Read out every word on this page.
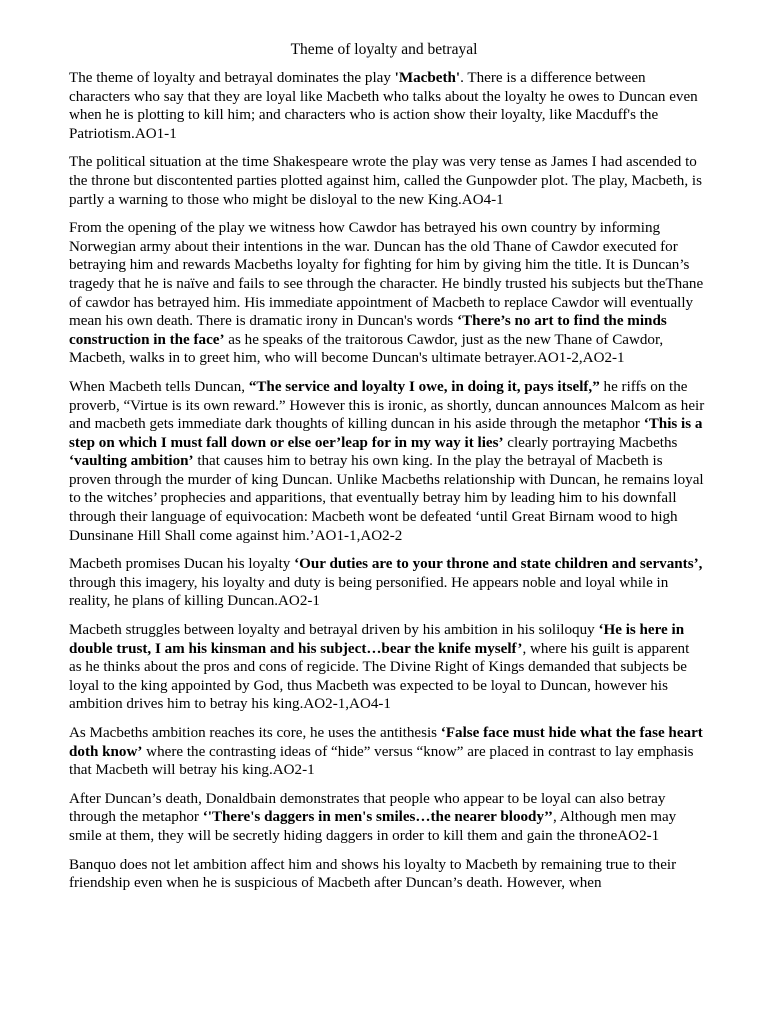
Theme of loyalty and betrayal

The theme of loyalty and betrayal dominates the play 'Macbeth'. There is a difference between characters who say that they are loyal like Macbeth who talks about the loyalty he owes to Duncan even when he is plotting to kill him; and characters who is action show their loyalty, like Macduff's the Patriotism.AO1-1

The political situation at the time Shakespeare wrote the play was very tense as James I had ascended to the throne but discontented parties plotted against him, called the Gunpowder plot. The play, Macbeth, is partly a warning to those who might be disloyal to the new King.AO4-1

From the opening of the play we witness how Cawdor has betrayed his own country by informing Norwegian army about their intentions in the war. Duncan has the old Thane of Cawdor executed for betraying him and rewards Macbeths loyalty for fighting for him by giving him the title. It is Duncan’s tragedy that he is naïve and fails to see through the character. He bindly trusted his subjects but theThane of cawdor has betrayed him. His immediate appointment of Macbeth to replace Cawdor will eventually mean his own death. There is dramatic irony in Duncan's words ‘There’s no art to find the minds construction in the face’ as he speaks of the traitorous Cawdor, just as the new Thane of Cawdor, Macbeth, walks in to greet him, who will become Duncan's ultimate betrayer.AO1-2,AO2-1

When Macbeth tells Duncan, “The service and loyalty I owe, in doing it, pays itself,” he riffs on the proverb, “Virtue is its own reward.” However this is ironic, as shortly, duncan announces Malcom as heir and macbeth gets immediate dark thoughts of killing duncan in his aside through the metaphor ‘This is a step on which I must fall down or else oer’leap for in my way it lies’ clearly portraying Macbeths ‘vaulting ambition’ that causes him to betray his own king. In the play the betrayal of Macbeth is proven through the murder of king Duncan. Unlike Macbeths relationship with Duncan, he remains loyal to the witches’ prophecies and apparitions, that eventually betray him by leading him to his downfall through their language of equivocation: Macbeth wont be defeated ‘until Great Birnam wood to high Dunsinane Hill Shall come against him.’AO1-1,AO2-2

Macbeth promises Ducan his loyalty ‘Our duties are to your throne and state children and servants’, through this imagery, his loyalty and duty is being personified. He appears noble and loyal while in reality, he plans of killing Duncan.AO2-1

Macbeth struggles between loyalty and betrayal driven by his ambition in his soliloquy ‘He is here in double trust, I am his kinsman and his subject…bear the knife myself’, where his guilt is apparent as he thinks about the pros and cons of regicide. The Divine Right of Kings demanded that subjects be loyal to the king appointed by God, thus Macbeth was expected to be loyal to Duncan, however his ambition drives him to betray his king.AO2-1,AO4-1

As Macbeths ambition reaches its core, he uses the antithesis ‘False face must hide what the fase heart doth know’ where the contrasting ideas of “hide” versus “know” are placed in contrast to lay emphasis that Macbeth will betray his king.AO2-1

After Duncan’s death, Donaldbain demonstrates that people who appear to be loyal can also betray through the metaphor ‘'There's daggers in men's smiles…the nearer bloody’’, Although men may smile at them, they will be secretly hiding daggers in order to kill them and gain the throneAO2-1

Banquo does not let ambition affect him and shows his loyalty to Macbeth by remaining true to their friendship even when he is suspicious of Macbeth after Duncan’s death. However, when
